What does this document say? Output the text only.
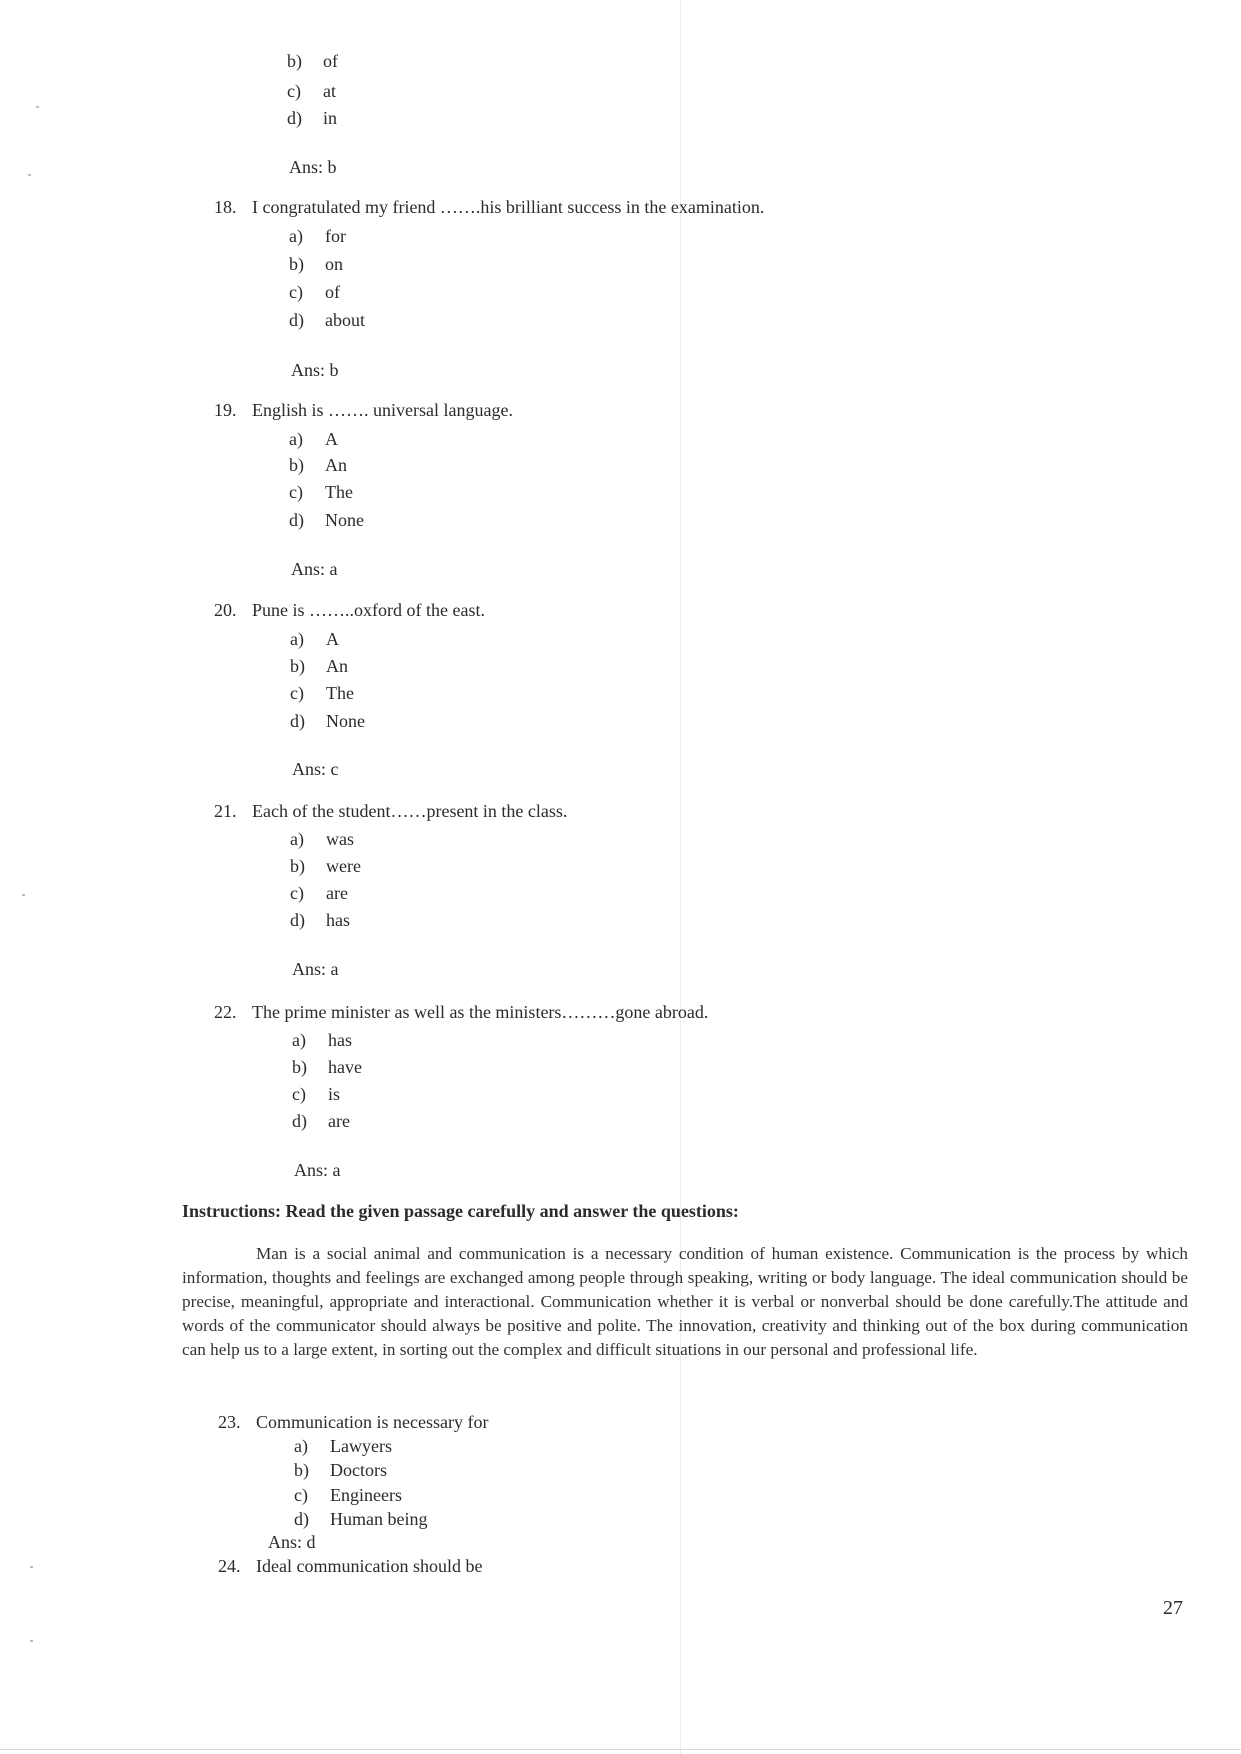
b) of
c) at
d) in
Ans: b
18. I congratulated my friend …….his brilliant success in the examination.
a) for
b) on
c) of
d) about
Ans: b
19. English is ……. universal language.
a) A
b) An
c) The
d) None
Ans: a
20. Pune is ……..oxford of the east.
a) A
b) An
c) The
d) None
Ans: c
21. Each of the student……present in the class.
a) was
b) were
c) are
d) has
Ans: a
22. The prime minister as well as the ministers………gone abroad.
a) has
b) have
c) is
d) are
Ans: a
Instructions: Read the given passage carefully and answer the questions:
Man is a social animal and communication is a necessary condition of human existence. Communication is the process by which information, thoughts and feelings are exchanged among people through speaking, writing or body language. The ideal communication should be precise, meaningful, appropriate and interactional. Communication whether it is verbal or nonverbal should be done carefully.The attitude and words of the communicator should always be positive and polite. The innovation, creativity and thinking out of the box during communication can help us to a large extent, in sorting out the complex and difficult situations in our personal and professional life.
23. Communication is necessary for
a) Lawyers
b) Doctors
c) Engineers
d) Human being
Ans: d
24. Ideal communication should be
27
